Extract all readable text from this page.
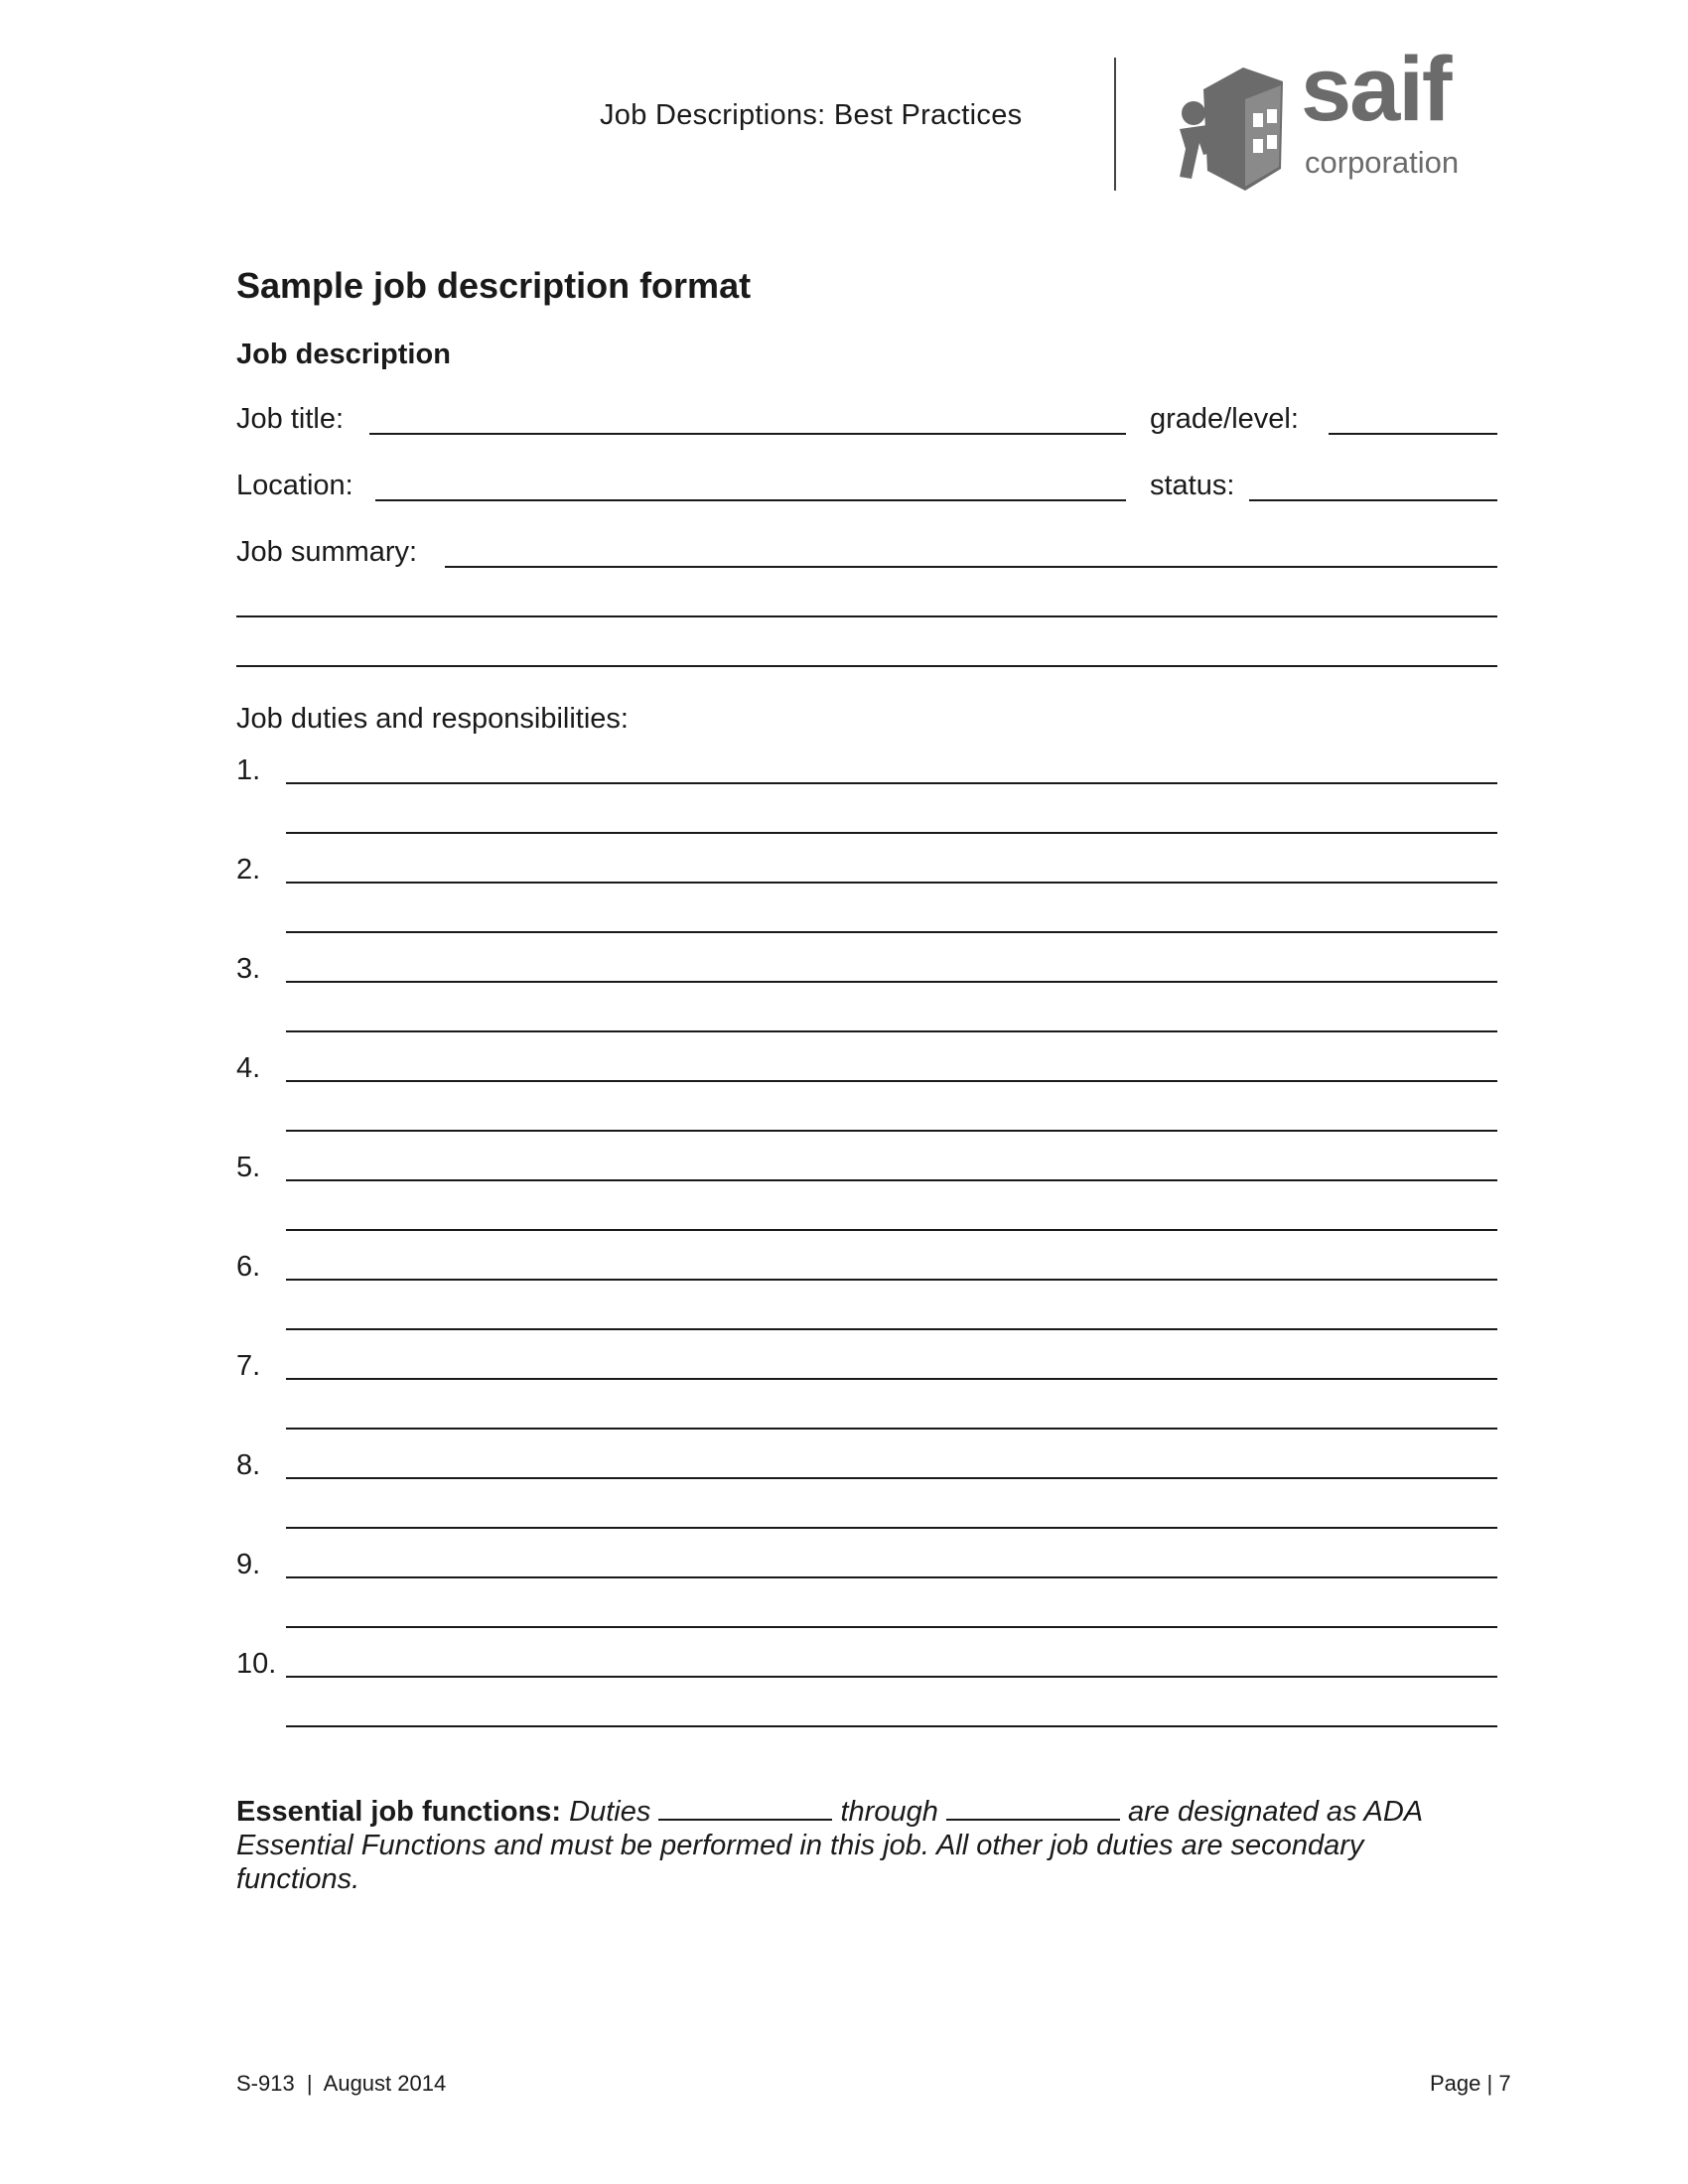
Job Descriptions: Best Practices	saif
corporation
Sample job description format
Job description
Job title:	grade/level:
Location:	status:
Job summary:
Job duties and responsibilities:
1.
2.
3.
4.
5.
6.
7.
8.
9.
10.
Essential job functions: Duties	through	are designated as ADA Essential Functions and must be performed in this job. All other job duties are secondary functions.
S-913  |  August 2014	Page | 7
